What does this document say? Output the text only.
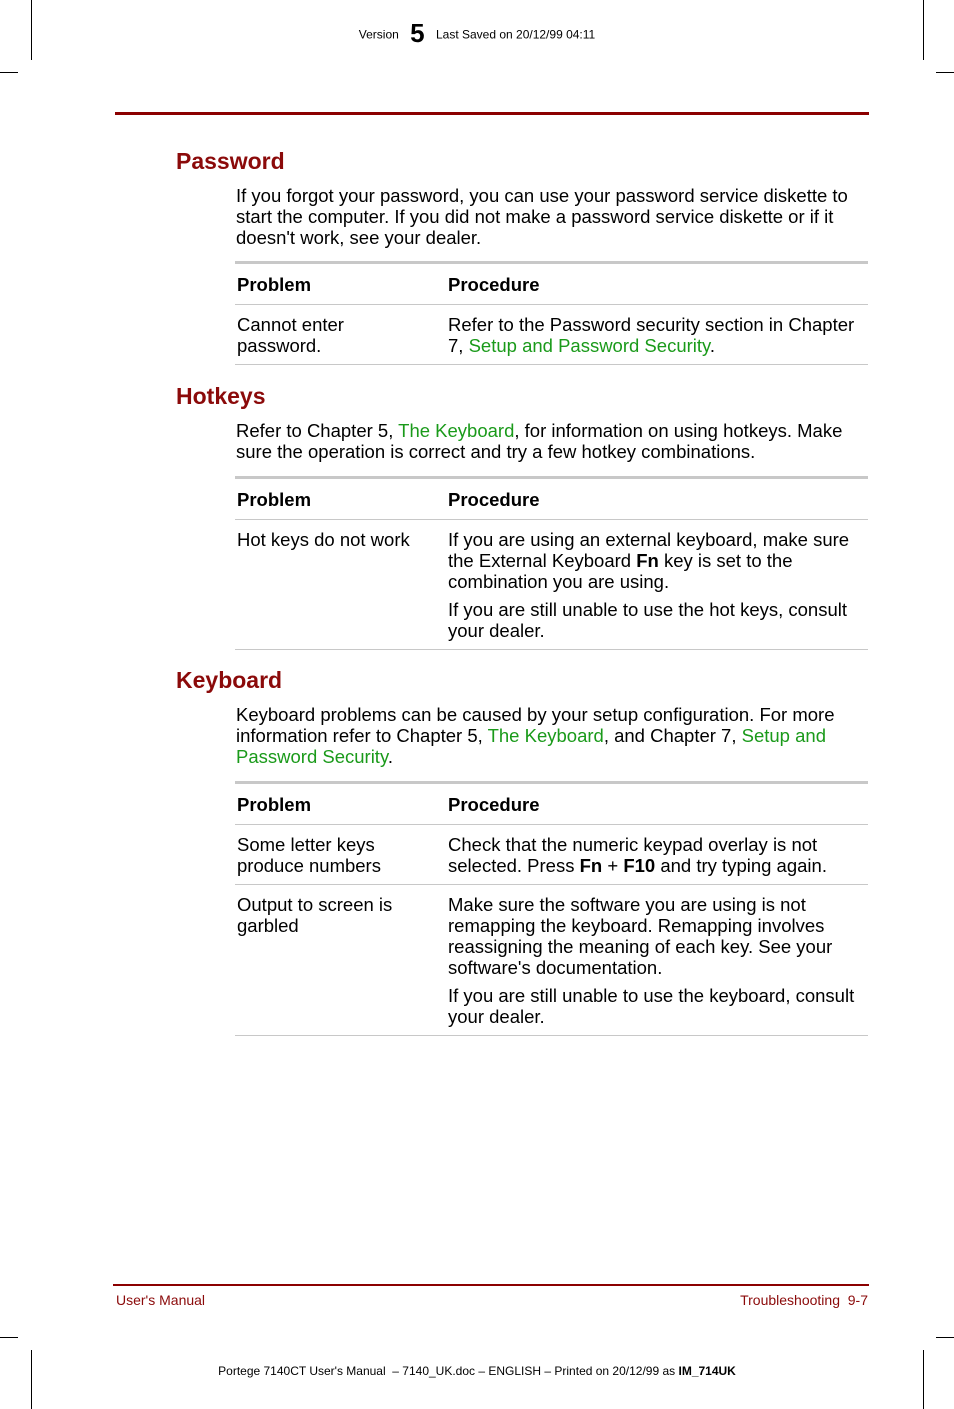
Version 5 Last Saved on 20/12/99 04:11
Password
If you forgot your password, you can use your password service diskette to start the computer. If you did not make a password service diskette or if it doesn't work, see your dealer.
Problem	Procedure
Cannot enter password.	Refer to the Password security section in Chapter 7, Setup and Password Security.
Hotkeys
Refer to Chapter 5, The Keyboard, for information on using hotkeys. Make sure the operation is correct and try a few hotkey combinations.
Problem	Procedure
Hot keys do not work	If you are using an external keyboard, make sure the External Keyboard Fn key is set to the combination you are using.

If you are still unable to use the hot keys, consult your dealer.

Keyboard
Keyboard problems can be caused by your setup configuration. For more information refer to Chapter 5, The Keyboard, and Chapter 7, Setup and Password Security.
Problem	Procedure
Some letter keys produce numbers	Check that the numeric keypad overlay is not selected. Press Fn + F10 and try typing again.
Output to screen is garbled	Make sure the software you are using is not remapping the keyboard. Remapping involves reassigning the meaning of each key. See your software's documentation.

If you are still unable to use the keyboard, consult your dealer.

User's Manual	Troubleshooting  9-7
Portege 7140CT User's Manual  – 7140_UK.doc – ENGLISH – Printed on 20/12/99 as IM_714UK
